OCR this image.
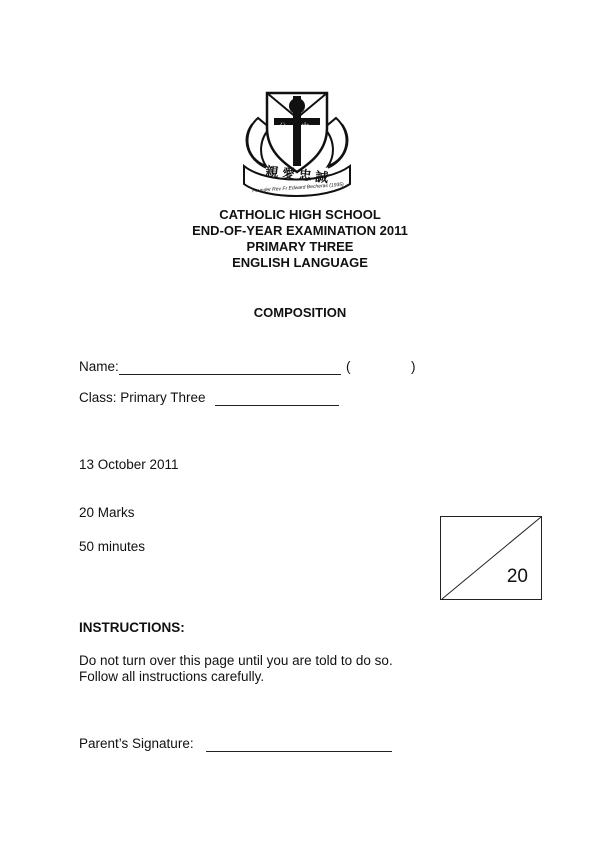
公 中
親 愛 忠 誠
Founder Rev Fr Edward Becheras (1935)
CATHOLIC HIGH SCHOOL
END-OF-YEAR EXAMINATION 2011
PRIMARY THREE
ENGLISH LANGUAGE
COMPOSITION
Name:	(	)
Class: Primary Three
13 October 2011
20 Marks
50 minutes
20
INSTRUCTIONS:
Do not turn over this page until you are told to do so.
Follow all instructions carefully.
Parent’s Signature:
